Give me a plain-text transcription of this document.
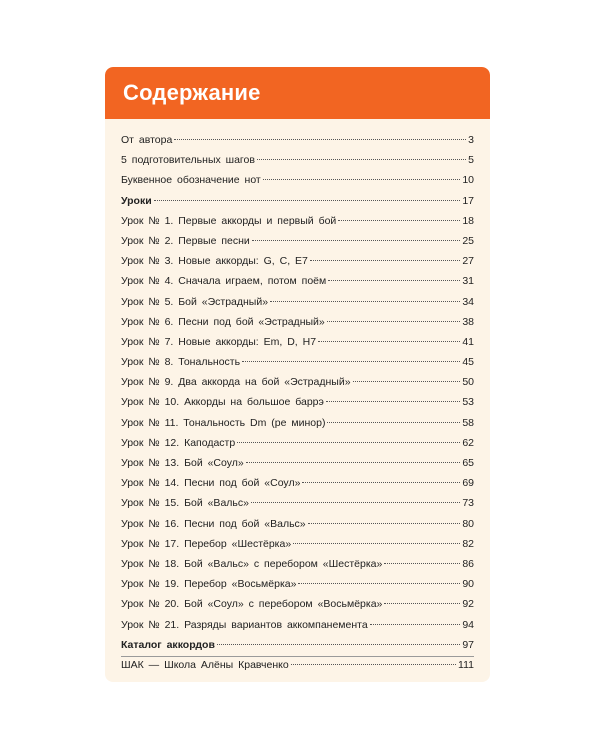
Содержание
От автора	3
5 подготовительных шагов	5
Буквенное обозначение нот	10
Уроки	17
Урок № 1. Первые аккорды и первый бой	18
Урок № 2. Первые песни	25
Урок № 3. Новые аккорды: G, C, E7	27
Урок № 4. Сначала играем, потом поём	31
Урок № 5. Бой «Эстрадный»	34
Урок № 6. Песни под бой «Эстрадный»	38
Урок № 7. Новые аккорды: Em, D, H7	41
Урок № 8. Тональность	45
Урок № 9. Два аккорда на бой «Эстрадный»	50
Урок № 10. Аккорды на большое баррэ	53
Урок № 11. Тональность Dm (ре минор)	58
Урок № 12. Каподастр	62
Урок № 13. Бой «Соул»	65
Урок № 14. Песни под бой «Соул»	69
Урок № 15. Бой «Вальс»	73
Урок № 16. Песни под бой «Вальс»	80
Урок № 17. Перебор «Шестёрка»	82
Урок № 18. Бой «Вальс» с перебором «Шестёрка»	86
Урок № 19. Перебор «Восьмёрка»	90
Урок № 20. Бой «Соул» с перебором «Восьмёрка»	92
Урок № 21. Разряды вариантов аккомпанемента	94
Каталог аккордов	97
ШАК — Школа Алёны Кравченко	111
